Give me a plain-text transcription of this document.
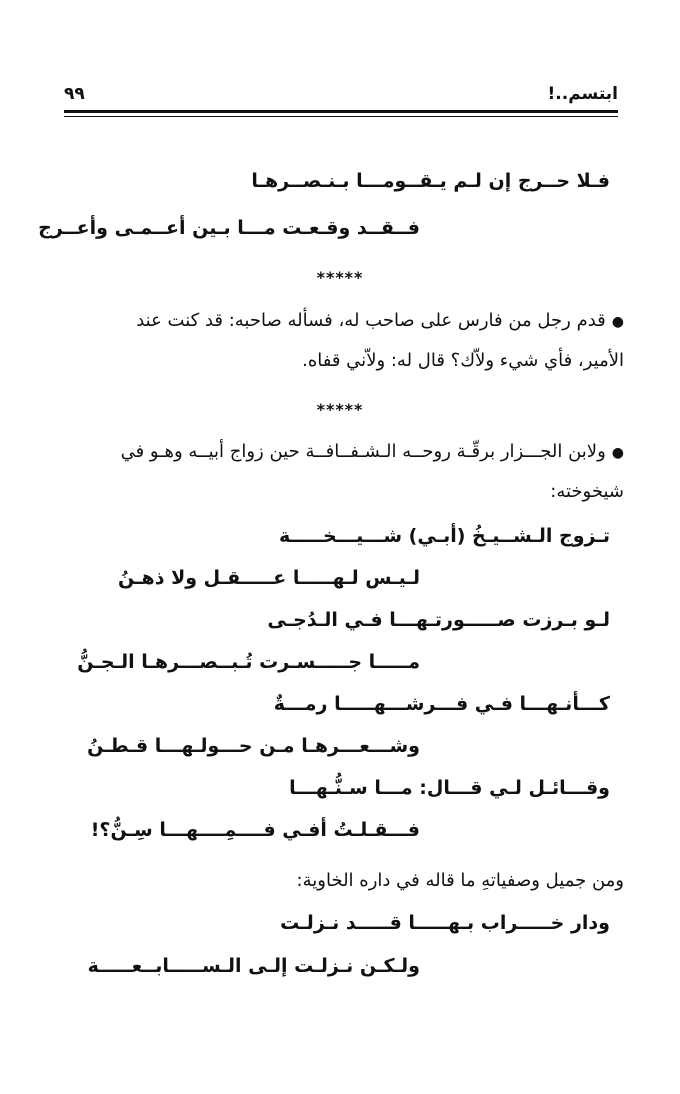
ابتسم..!
٩٩
فـلا حــرج إن لـم يـقــومـــا بـنـصــرهـا
فــقــد وقـعـت مـــا بـين أعــمـى وأعــرج
*****
●قدم رجل من فارس على صاحب له، فسأله صاحبه: قد كنت عند
الأمير، فأي شيء ولاّك؟ قال له: ولاّني قفاه.
*****
●ولابن الجـــزار برقّـة روحــه الـشـفــافــة حين زواج أبيــه وهـو في
شيخوخته:
تـزوج الـشــيـخُ (أبـي) شـــيـــخـــــة
لـيـس لـهـــــا عـــــقـل ولا ذهـنُ
لـو بـرزت صـــــورتـهـــا فـي الـدُجـى
مـــــا جـــــسـرت تُـبــصـــرهـا الـجـنُّ
كـــأنـهـــا فـي فـــرشـــهـــــا رمـــةٌ
وشـــعـــرهـا مـن حـــولـهـــا قـطـنُ
وقـــائـل لـي قـــال: مـــا سـنُّـهـــا
فـــقـلـتُ أفـي فــــمِــــهـــا سِـنُّ؟!
ومن جميل وصفياتهِ ما قاله في داره الخاوية:
ودار خـــــراب بـهـــــا قـــــد نـزلـت
ولـكـن نـزلـت إلـى الـســـــابــعـــــة
